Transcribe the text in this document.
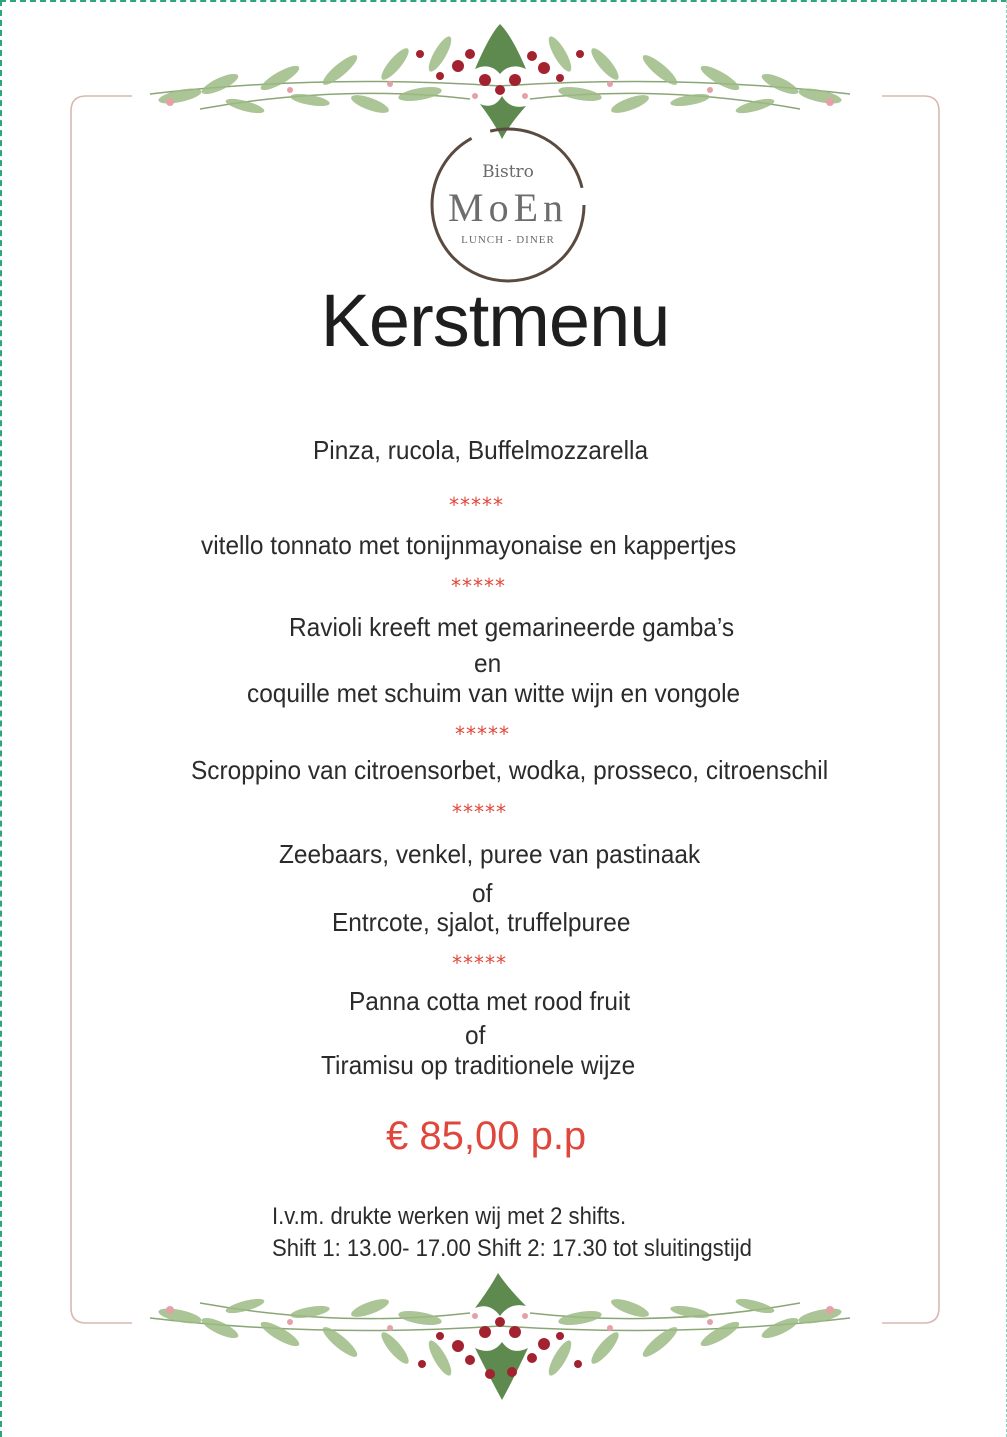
Bistro
MoEn
LUNCH - DINER
Kerstmenu
Pinza, rucola, Buffelmozzarella
*****
vitello tonnato met tonijnmayonaise en kappertjes
*****
Ravioli kreeft met gemarineerde gamba’s
en
coquille met schuim van witte wijn en vongole
*****
Scroppino van citroensorbet, wodka, prosseco, citroenschil
*****
Zeebaars, venkel, puree van pastinaak
of
Entrcote, sjalot, truffelpuree
*****
Panna cotta met rood fruit
of
Tiramisu op traditionele wijze
€ 85,00 p.p
I.v.m. drukte werken wij met 2 shifts.
Shift 1: 13.00- 17.00 Shift 2: 17.30 tot sluitingstijd
